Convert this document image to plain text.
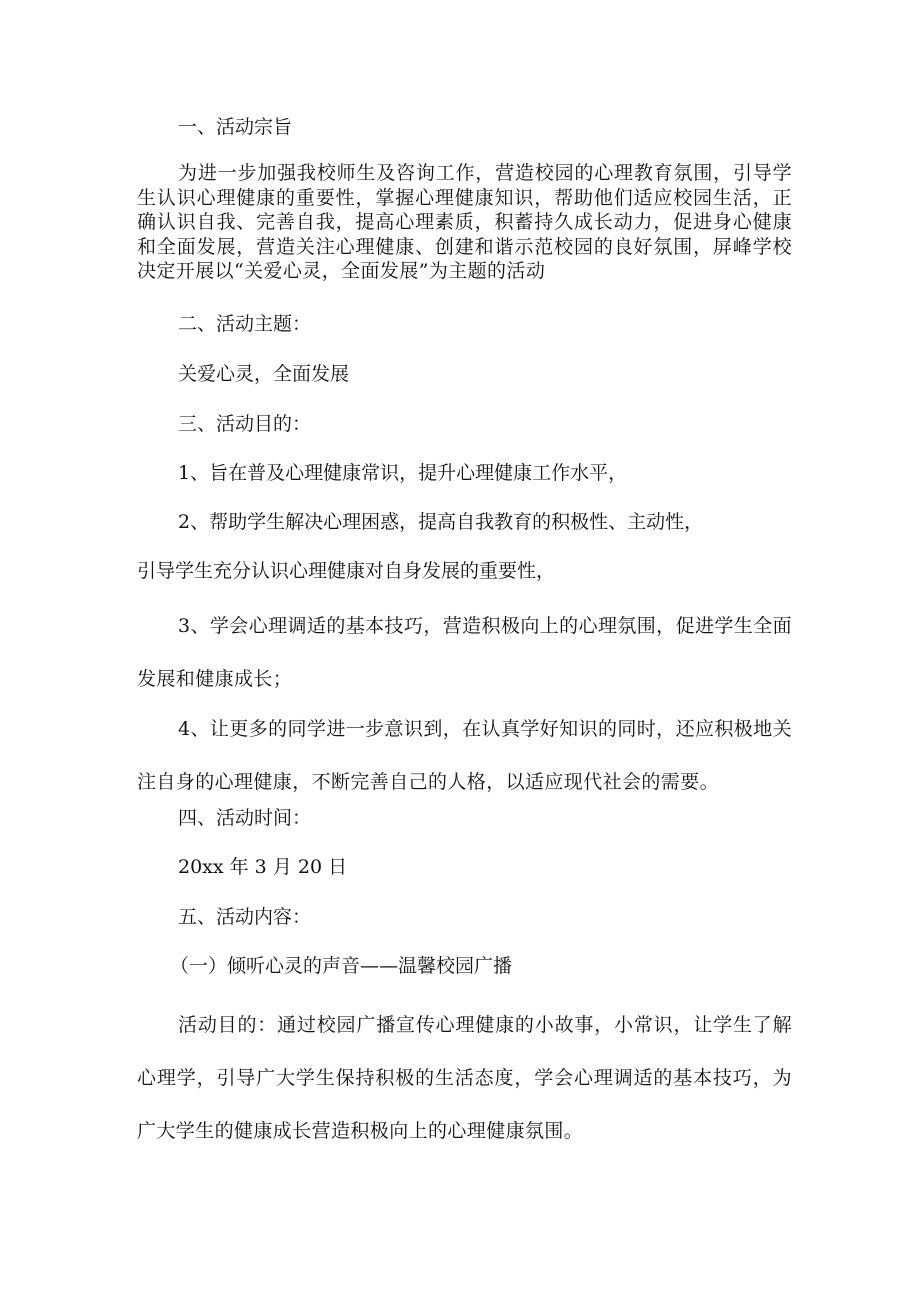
一、活动宗旨

为进一步加强我校师生及咨询工作，营造校园的心理教育氛围，引导学生认识心理健康的重要性，掌握心理健康知识，帮助他们适应校园生活，正确认识自我、完善自我，提高心理素质，积蓄持久成长动力，促进身心健康和全面发展，营造关注心理健康、创建和谐示范校园的良好氛围，屏峰学校决定开展以“关爱心灵，全面发展”为主题的活动

二、活动主题：

关爱心灵，全面发展

三、活动目的：

1、旨在普及心理健康常识，提升心理健康工作水平，

2、帮助学生解决心理困惑，提高自我教育的积极性、主动性，

引导学生充分认识心理健康对自身发展的重要性，

3、学会心理调适的基本技巧，营造积极向上的心理氛围，促进学生全面发展和健康成长；

4、让更多的同学进一步意识到，在认真学好知识的同时，还应积极地关注自身的心理健康，不断完善自己的人格，以适应现代社会的需要。

四、活动时间：

20xx 年 3 月 20 日

五、活动内容：

（一）倾听心灵的声音——温馨校园广播

活动目的：通过校园广播宣传心理健康的小故事，小常识，让学生了解心理学，引导广大学生保持积极的生活态度，学会心理调适的基本技巧，为广大学生的健康成长营造积极向上的心理健康氛围。
